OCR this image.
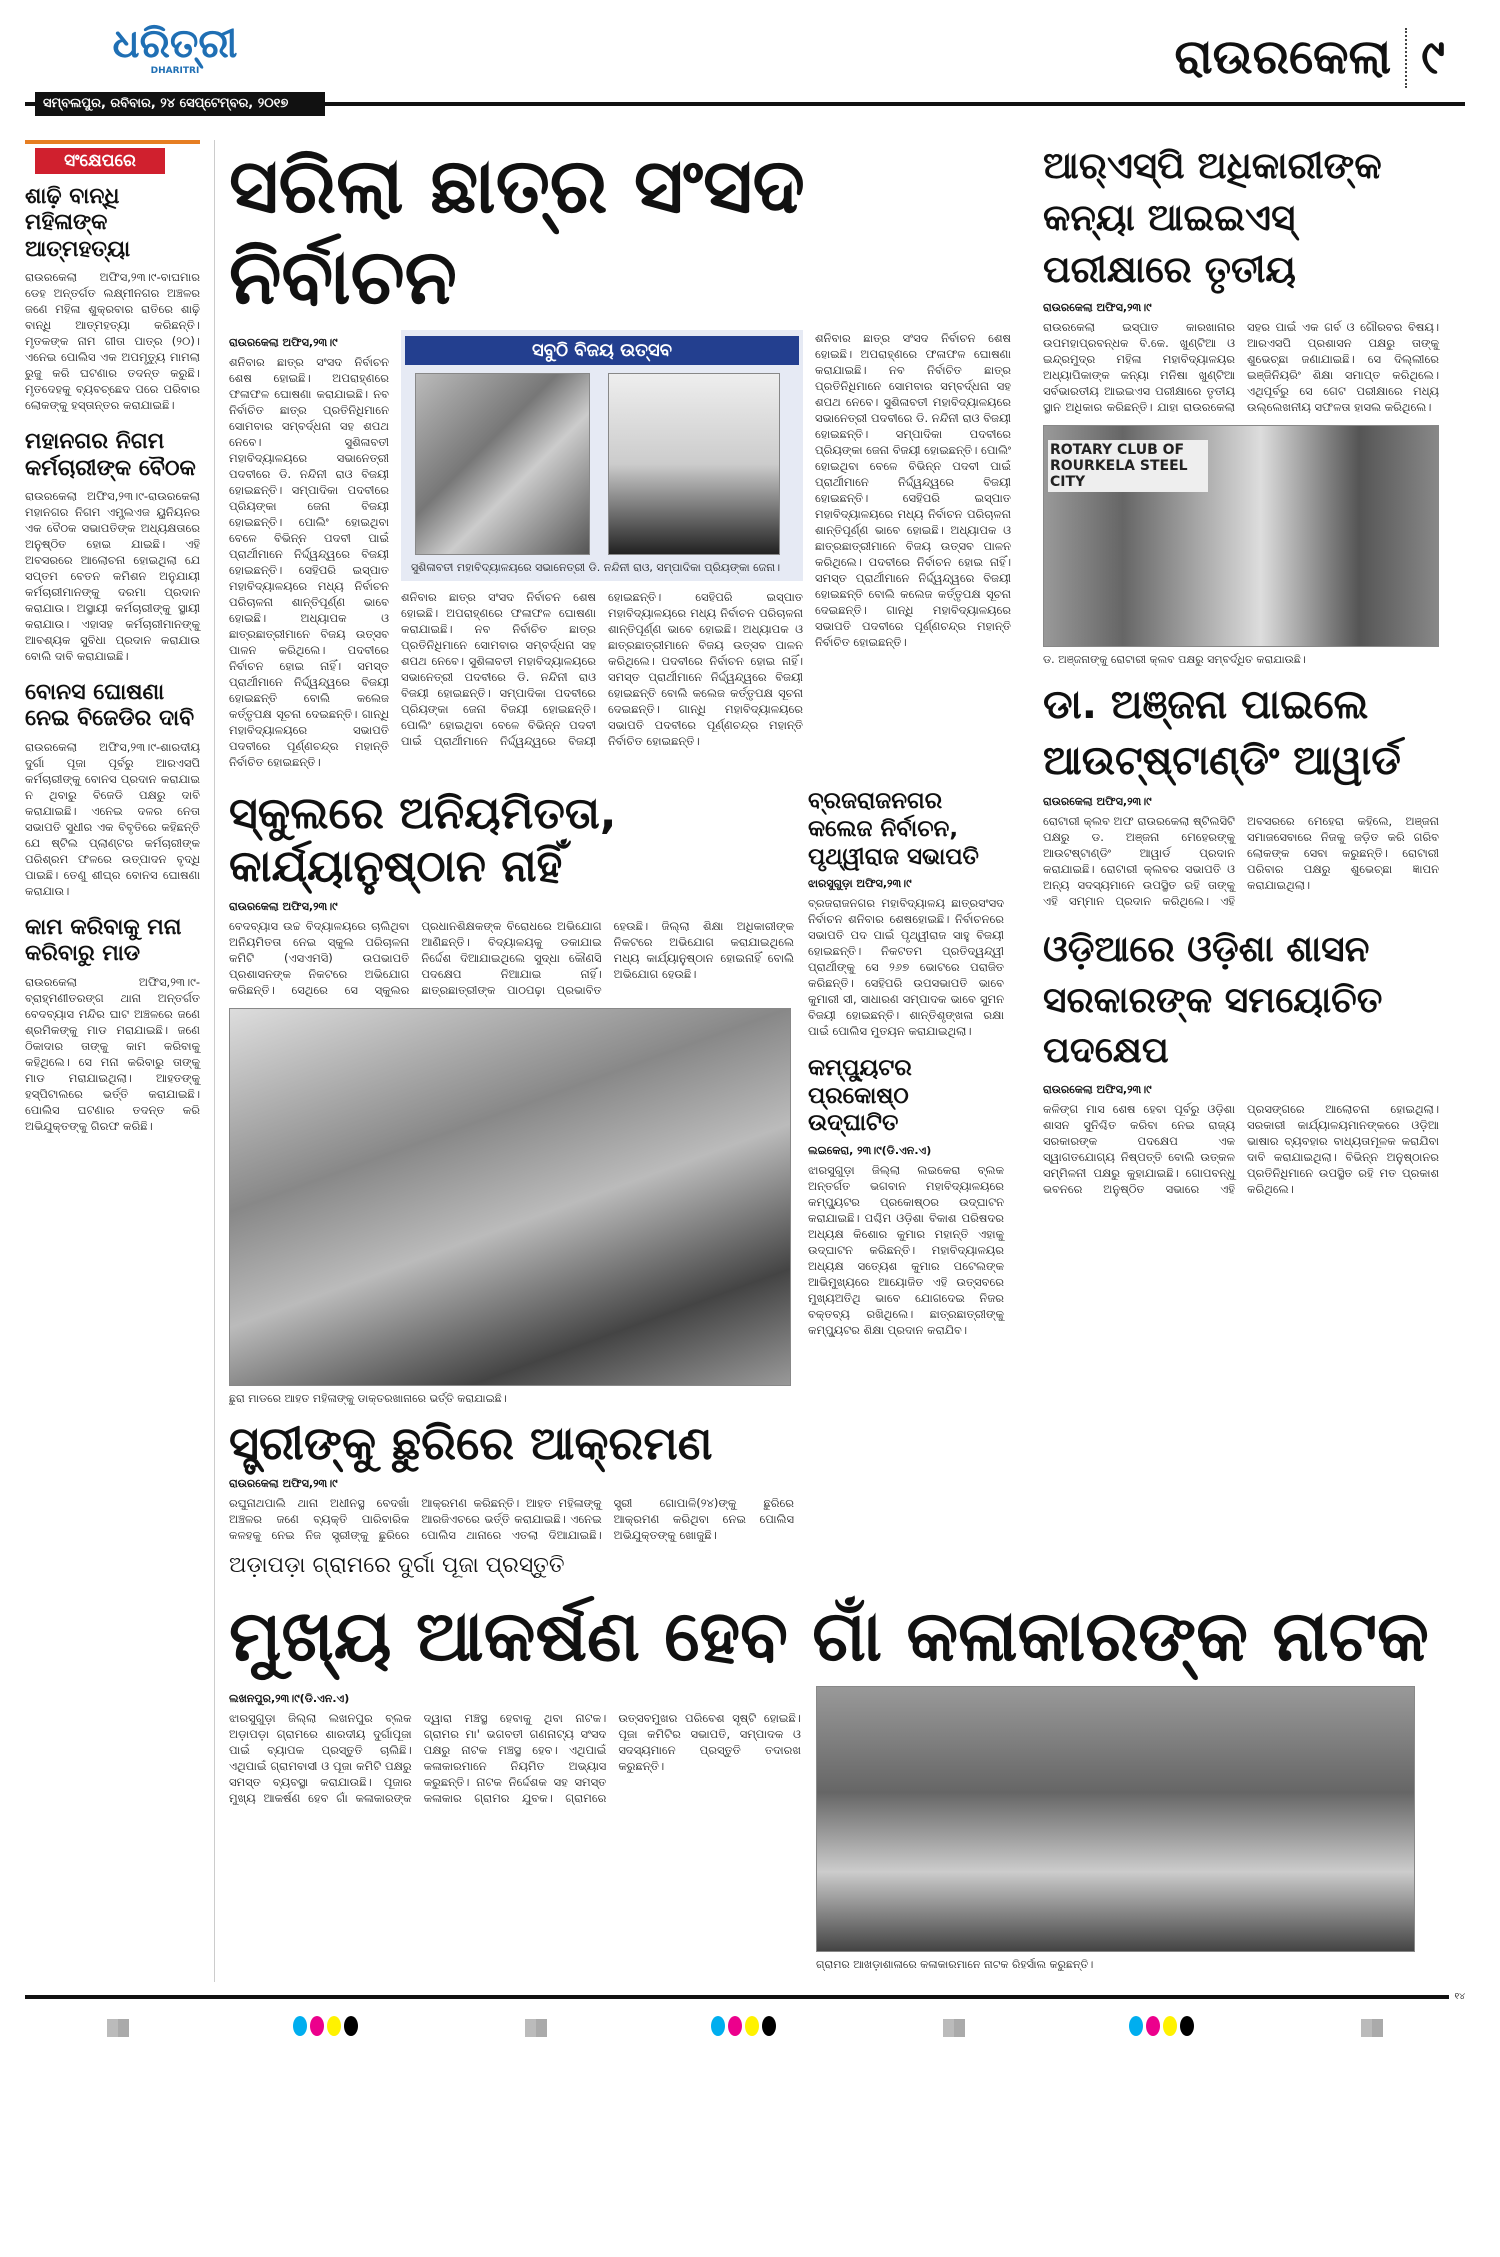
ଧରିତ୍ରୀ
DHARITRI
ସମ୍ବଲପୁର, ରବିବାର, ୨୪ ସେପ୍ଟେମ୍ବର, ୨୦୧୭
ରାଉରକେଲା ୯
ସଂକ୍ଷେପରେ
ଶାଢ଼ି ବାନ୍ଧି ମହିଳାଙ୍କ ଆତ୍ମହତ୍ୟା
ରାଉରକେଲା ଅଫିସ,୨୩।୯-ବାଘମାର ଡେହ ଅନ୍ତର୍ଗତ ଲକ୍ଷ୍ମୀନଗର ଅଞ୍ଚଳର ଜଣେ ମହିଳା ଶୁକ୍ରବାର ରାତିରେ ଶାଢ଼ି ବାନ୍ଧି ଆତ୍ମହତ୍ୟା କରିଛନ୍ତି। ମୃତକଙ୍କ ନାମ ଗୀତା ପାତ୍ର (୨୦)। ଏନେଇ ପୋଲିସ ଏକ ଅପମୃତ୍ୟୁ ମାମଲା ରୁଜୁ କରି ଘଟଣାର ତଦନ୍ତ କରୁଛି। ମୃତଦେହକୁ ବ୍ୟବଚ୍ଛେଦ ପରେ ପରିବାର ଲୋକଙ୍କୁ ହସ୍ତାନ୍ତର କରାଯାଇଛି।
ମହାନଗର ନିଗମ କର୍ମଚାରୀଙ୍କ ବୈଠକ
ରାଉରକେଲା ଅଫିସ,୨୩।୯-ରାଉରକେଲା ମହାନଗର ନିଗମ ଏମ୍ପ୍ଲଏଜ ୟୁନିୟନର ଏକ ବୈଠକ ସଭାପତିଙ୍କ ଅଧ୍ୟକ୍ଷତାରେ ଅନୁଷ୍ଠିତ ହୋଇ ଯାଇଛି। ଏହି ଅବସରରେ ଆଲୋଚନା ହୋଇଥିଲା ଯେ ସପ୍ତମ ବେତନ କମିଶନ ଅନୁଯାୟୀ କର୍ମଚାରୀମାନଙ୍କୁ ଦରମା ପ୍ରଦାନ କରାଯାଉ। ଅସ୍ଥାୟୀ କର୍ମଚାରୀଙ୍କୁ ସ୍ଥାୟୀ କରାଯାଉ। ଏହାସହ କର୍ମଚାରୀମାନଙ୍କୁ ଆବଶ୍ୟକ ସୁବିଧା ପ୍ରଦାନ କରାଯାଉ ବୋଲି ଦାବି କରାଯାଇଛି।
ବୋନସ ଘୋଷଣା ନେଇ ବିଜେଡିର ଦାବି
ରାଉରକେଲା ଅଫିସ,୨୩।୯-ଶାରଦୀୟ ଦୁର୍ଗା ପୂଜା ପୂର୍ବରୁ ଆରଏସପି କର୍ମଚାରୀଙ୍କୁ ବୋନସ ପ୍ରଦାନ କରାଯାଇ ନ ଥିବାରୁ ବିଜେଡି ପକ୍ଷରୁ ଦାବି କରାଯାଇଛି। ଏନେଇ ଦଳର ନେତା ସଭାପତି ସୁଧୀର ଏକ ବିବୃତିରେ କହିଛନ୍ତି ଯେ ଷ୍ଟିଲ ପ୍ଲାଣ୍ଟର କର୍ମଚାରୀଙ୍କ ପରିଶ୍ରମ ଫଳରେ ଉତ୍ପାଦନ ବୃଦ୍ଧି ପାଇଛି। ତେଣୁ ଶୀଘ୍ର ବୋନସ ଘୋଷଣା କରାଯାଉ।
କାମ କରିବାକୁ ମନା କରିବାରୁ ମାଡ
ରାଉରକେଲା ଅଫିସ,୨୩।୯-ବ୍ରାହ୍ମଣୀତରଙ୍ଗ ଥାନା ଅନ୍ତର୍ଗତ ବେଦବ୍ୟାସ ମନ୍ଦିର ଘାଟ ଅଞ୍ଚଳରେ ଜଣେ ଶ୍ରମିକଙ୍କୁ ମାଡ ମରାଯାଇଛି। ଜଣେ ଠିକାଦାର ତାଙ୍କୁ କାମ କରିବାକୁ କହିଥିଲେ। ସେ ମନା କରିବାରୁ ତାଙ୍କୁ ମାଡ ମରାଯାଇଥିଲା। ଆହତଙ୍କୁ ହସ୍ପିଟାଲରେ ଭର୍ତ୍ତି କରାଯାଇଛି। ପୋଲିସ ଘଟଣାର ତଦନ୍ତ କରି ଅଭିଯୁକ୍ତଙ୍କୁ ଗିରଫ କରିଛି।
ସରିଲା ଛାତ୍ର ସଂସଦ ନିର୍ବାଚନ
ରାଉରକେଲା ଅଫିସ,୨୩।୯
ଶନିବାର ଛାତ୍ର ସଂସଦ ନିର୍ବାଚନ ଶେଷ ହୋଇଛି। ଅପରାହ୍ଣରେ ଫଳାଫଳ ଘୋଷଣା କରାଯାଇଛି। ନବ ନିର୍ବାଚିତ ଛାତ୍ର ପ୍ରତିନିଧିମାନେ ସୋମବାର ସମ୍ବର୍ଦ୍ଧନା ସହ ଶପଥ ନେବେ। ସୁଶିଳାବତୀ ମହାବିଦ୍ୟାଳୟରେ ସଭାନେତ୍ରୀ ପଦବୀରେ ଡି. ନନ୍ଦିନୀ ରାଓ ବିଜୟୀ ହୋଇଛନ୍ତି। ସମ୍ପାଦିକା ପଦବୀରେ ପ୍ରିୟଙ୍କା ଜେନା ବିଜୟୀ ହୋଇଛନ୍ତି। ପୋଲିଂ ହୋଇଥିବା ବେଳେ ବିଭିନ୍ନ ପଦବୀ ପାଇଁ ପ୍ରାର୍ଥୀମାନେ ନିର୍ଦ୍ଦ୍ୱନ୍ଦ୍ୱରେ ବିଜୟୀ ହୋଇଛନ୍ତି। ସେହିପରି ଇସ୍ପାତ ମହାବିଦ୍ୟାଳୟରେ ମଧ୍ୟ ନିର୍ବାଚନ ପରିଚାଳନା ଶାନ୍ତିପୂର୍ଣ୍ଣ ଭାବେ ହୋଇଛି। ଅଧ୍ୟାପକ ଓ ଛାତ୍ରଛାତ୍ରୀମାନେ ବିଜୟ ଉତ୍ସବ ପାଳନ କରିଥିଲେ। ପଦବୀରେ ନିର୍ବାଚନ ହୋଇ ନାହିଁ। ସମସ୍ତ ପ୍ରାର୍ଥୀମାନେ ନିର୍ଦ୍ଦ୍ୱନ୍ଦ୍ୱରେ ବିଜୟୀ ହୋଇଛନ୍ତି ବୋଲି କଲେଜ କର୍ତ୍ତୃପକ୍ଷ ସୂଚନା ଦେଇଛନ୍ତି। ଗାନ୍ଧି ମହାବିଦ୍ୟାଳୟରେ ସଭାପତି ପଦବୀରେ ପୂର୍ଣ୍ଣଚନ୍ଦ୍ର ମହାନ୍ତି ନିର୍ବାଚିତ ହୋଇଛନ୍ତି।
ସବୁଠି ବିଜୟ ଉତ୍ସବ
ସୁଶିଳାବତୀ ମହାବିଦ୍ୟାଳୟରେ ସଭାନେତ୍ରୀ ଡି. ନନ୍ଦିନୀ ରାଓ, ସମ୍ପାଦିକା ପ୍ରିୟଙ୍କା ଜେନା।
ଶନିବାର ଛାତ୍ର ସଂସଦ ନିର୍ବାଚନ ଶେଷ ହୋଇଛି। ଅପରାହ୍ଣରେ ଫଳାଫଳ ଘୋଷଣା କରାଯାଇଛି। ନବ ନିର୍ବାଚିତ ଛାତ୍ର ପ୍ରତିନିଧିମାନେ ସୋମବାର ସମ୍ବର୍ଦ୍ଧନା ସହ ଶପଥ ନେବେ। ସୁଶିଳାବତୀ ମହାବିଦ୍ୟାଳୟରେ ସଭାନେତ୍ରୀ ପଦବୀରେ ଡି. ନନ୍ଦିନୀ ରାଓ ବିଜୟୀ ହୋଇଛନ୍ତି। ସମ୍ପାଦିକା ପଦବୀରେ ପ୍ରିୟଙ୍କା ଜେନା ବିଜୟୀ ହୋଇଛନ୍ତି। ପୋଲିଂ ହୋଇଥିବା ବେଳେ ବିଭିନ୍ନ ପଦବୀ ପାଇଁ ପ୍ରାର୍ଥୀମାନେ ନିର୍ଦ୍ଦ୍ୱନ୍ଦ୍ୱରେ ବିଜୟୀ ହୋଇଛନ୍ତି। ସେହିପରି ଇସ୍ପାତ ମହାବିଦ୍ୟାଳୟରେ ମଧ୍ୟ ନିର୍ବାଚନ ପରିଚାଳନା ଶାନ୍ତିପୂର୍ଣ୍ଣ ଭାବେ ହୋଇଛି। ଅଧ୍ୟାପକ ଓ ଛାତ୍ରଛାତ୍ରୀମାନେ ବିଜୟ ଉତ୍ସବ ପାଳନ କରିଥିଲେ। ପଦବୀରେ ନିର୍ବାଚନ ହୋଇ ନାହିଁ। ସମସ୍ତ ପ୍ରାର୍ଥୀମାନେ ନିର୍ଦ୍ଦ୍ୱନ୍ଦ୍ୱରେ ବିଜୟୀ ହୋଇଛନ୍ତି ବୋଲି କଲେଜ କର୍ତ୍ତୃପକ୍ଷ ସୂଚନା ଦେଇଛନ୍ତି। ଗାନ୍ଧି ମହାବିଦ୍ୟାଳୟରେ ସଭାପତି ପଦବୀରେ ପୂର୍ଣ୍ଣଚନ୍ଦ୍ର ମହାନ୍ତି ନିର୍ବାଚିତ ହୋଇଛନ୍ତି।
ଶନିବାର ଛାତ୍ର ସଂସଦ ନିର୍ବାଚନ ଶେଷ ହୋଇଛି। ଅପରାହ୍ଣରେ ଫଳାଫଳ ଘୋଷଣା କରାଯାଇଛି। ନବ ନିର୍ବାଚିତ ଛାତ୍ର ପ୍ରତିନିଧିମାନେ ସୋମବାର ସମ୍ବର୍ଦ୍ଧନା ସହ ଶପଥ ନେବେ। ସୁଶିଳାବତୀ ମହାବିଦ୍ୟାଳୟରେ ସଭାନେତ୍ରୀ ପଦବୀରେ ଡି. ନନ୍ଦିନୀ ରାଓ ବିଜୟୀ ହୋଇଛନ୍ତି। ସମ୍ପାଦିକା ପଦବୀରେ ପ୍ରିୟଙ୍କା ଜେନା ବିଜୟୀ ହୋଇଛନ୍ତି। ପୋଲିଂ ହୋଇଥିବା ବେଳେ ବିଭିନ୍ନ ପଦବୀ ପାଇଁ ପ୍ରାର୍ଥୀମାନେ ନିର୍ଦ୍ଦ୍ୱନ୍ଦ୍ୱରେ ବିଜୟୀ ହୋଇଛନ୍ତି। ସେହିପରି ଇସ୍ପାତ ମହାବିଦ୍ୟାଳୟରେ ମଧ୍ୟ ନିର୍ବାଚନ ପରିଚାଳନା ଶାନ୍ତିପୂର୍ଣ୍ଣ ଭାବେ ହୋଇଛି। ଅଧ୍ୟାପକ ଓ ଛାତ୍ରଛାତ୍ରୀମାନେ ବିଜୟ ଉତ୍ସବ ପାଳନ କରିଥିଲେ। ପଦବୀରେ ନିର୍ବାଚନ ହୋଇ ନାହିଁ। ସମସ୍ତ ପ୍ରାର୍ଥୀମାନେ ନିର୍ଦ୍ଦ୍ୱନ୍ଦ୍ୱରେ ବିଜୟୀ ହୋଇଛନ୍ତି ବୋଲି କଲେଜ କର୍ତ୍ତୃପକ୍ଷ ସୂଚନା ଦେଇଛନ୍ତି। ଗାନ୍ଧି ମହାବିଦ୍ୟାଳୟରେ ସଭାପତି ପଦବୀରେ ପୂର୍ଣ୍ଣଚନ୍ଦ୍ର ମହାନ୍ତି ନିର୍ବାଚିତ ହୋଇଛନ୍ତି।
ସ୍କୁଲରେ ଅନିୟମିତତା, କାର୍ଯ୍ୟାନୁଷ୍ଠାନ ନାହିଁ
ରାଉରକେଲା ଅଫିସ,୨୩।୯
ବେଦବ୍ୟାସ ଉଚ୍ଚ ବିଦ୍ୟାଳୟରେ ଚାଲିଥିବା ଅନିୟମିତତା ନେଇ ସ୍କୁଲ ପରିଚାଳନା କମିଟି (ଏସଏମସି) ଉପଭାପତି ପ୍ରଶାସନଙ୍କ ନିକଟରେ ଅଭିଯୋଗ କରିଛନ୍ତି। ସେଥିରେ ସେ ସ୍କୁଲର ପ୍ରଧାନଶିକ୍ଷକଙ୍କ ବିରୋଧରେ ଅଭିଯୋଗ ଆଣିଛନ୍ତି। ବିଦ୍ୟାଳୟକୁ ଡକାଯାଇ ନିର୍ଦ୍ଦେଶ ଦିଆଯାଇଥିଲେ ସୁଦ୍ଧା କୌଣସି ପଦକ୍ଷେପ ନିଆଯାଇ ନାହିଁ। ଛାତ୍ରଛାତ୍ରୀଙ୍କ ପାଠପଢ଼ା ପ୍ରଭାବିତ ହେଉଛି। ଜିଲ୍ଲା ଶିକ୍ଷା ଅଧିକାରୀଙ୍କ ନିକଟରେ ଅଭିଯୋଗ କରାଯାଇଥିଲେ ମଧ୍ୟ କାର୍ଯ୍ୟାନୁଷ୍ଠାନ ହୋଇନାହିଁ ବୋଲି ଅଭିଯୋଗ ହେଉଛି।
ଛୁରା ମାଡରେ ଆହତ ମହିଳାଙ୍କୁ ଡାକ୍ତରଖାନାରେ ଭର୍ତ୍ତି କରାଯାଇଛି।
ସ୍ତ୍ରୀଙ୍କୁ ଛୁରିରେ ଆକ୍ରମଣ
ରାଉରକେଲା ଅଫିସ,୨୩।୯
ରଘୁନାଥପାଲି ଥାନା ଅଧୀନସ୍ଥ ବେଦଖାଁ ଅଞ୍ଚଳର ଜଣେ ବ୍ୟକ୍ତି ପାରିବାରିକ କଳହକୁ ନେଇ ନିଜ ସ୍ତ୍ରୀଙ୍କୁ ଛୁରିରେ ଆକ୍ରମଣ କରିଛନ୍ତି। ଆହତ ମହିଳାଙ୍କୁ ଆରଜିଏଚରେ ଭର୍ତ୍ତି କରାଯାଇଛି। ଏନେଇ ପୋଲିସ ଥାନାରେ ଏତଲା ଦିଆଯାଇଛି। ସ୍ତ୍ରୀ ଗୋପାଳି(୨୪)ଙ୍କୁ ଛୁରିରେ ଆକ୍ରମଣ କରିଥିବା ନେଇ ପୋଲିସ ଅଭିଯୁକ୍ତଙ୍କୁ ଖୋଜୁଛି।
ଅଡ଼ାପଡ଼ା ଗ୍ରାମରେ ଦୁର୍ଗା ପୂଜା ପ୍ରସ୍ତୁତି
ବ୍ରଜରାଜନଗର କଲେଜ ନିର୍ବାଚନ, ପୃଥ୍ୱୀରାଜ ସଭାପତି
ଝାରସୁଗୁଡ଼ା ଅଫିସ,୨୩।୯
ବ୍ରଜରାଜନଗର ମହାବିଦ୍ୟାଳୟ ଛାତ୍ରସଂସଦ ନିର୍ବାଚନ ଶନିବାର ଶେଷହୋଇଛି। ନିର୍ବାଚନରେ ସଭାପତି ପଦ ପାଇଁ ପୃଥ୍ୱୀରାଜ ସାହୁ ବିଜୟୀ ହୋଇଛନ୍ତି। ନିକଟତମ ପ୍ରତିଦ୍ୱନ୍ଦ୍ୱୀ ପ୍ରାର୍ଥୀଙ୍କୁ ସେ ୨୬୭ ଭୋଟରେ ପରାଜିତ କରିଛନ୍ତି। ସେହିପରି ଉପସଭାପତି ଭାବେ କୁମାରୀ ସୀ, ସାଧାରଣ ସମ୍ପାଦକ ଭାବେ ସୁମନ ବିଜୟୀ ହୋଇଛନ୍ତି। ଶାନ୍ତିଶୃଙ୍ଖଳା ରକ୍ଷା ପାଇଁ ପୋଲିସ ମୁତୟନ କରାଯାଇଥିଲା।
କମ୍ପ୍ୟୁଟର ପ୍ରକୋଷ୍ଠ ଉଦ୍‌ଘାଟିତ
ଲଇକେରା, ୨୩।୯(ଡି.ଏନ.ଏ)
ଝାରସୁଗୁଡ଼ା ଜିଲ୍ଲା ଲଇକେରା ବ୍ଲକ ଅନ୍ତର୍ଗତ ଭଗବାନ ମହାବିଦ୍ୟାଳୟରେ କମ୍ପ୍ୟୁଟର ପ୍ରକୋଷ୍ଠର ଉଦ୍‌ଘାଟନ କରାଯାଇଛି। ପଶ୍ଚିମ ଓଡ଼ିଶା ବିକାଶ ପରିଷଦର ଅଧ୍ୟକ୍ଷ କିଶୋର କୁମାର ମହାନ୍ତି ଏହାକୁ ଉଦ୍‌ଘାଟନ କରିଛନ୍ତି। ମହାବିଦ୍ୟାଳୟର ଅଧ୍ୟକ୍ଷ ସତ୍ୟେଶ କୁମାର ପଟେଲଙ୍କ ଆଭିମୁଖ୍ୟରେ ଆୟୋଜିତ ଏହି ଉତ୍ସବରେ ମୁଖ୍ୟଅତିଥି ଭାବେ ଯୋଗଦେଇ ନିଜର ବକ୍ତବ୍ୟ ରଖିଥିଲେ। ଛାତ୍ରଛାତ୍ରୀଙ୍କୁ କମ୍ପ୍ୟୁଟର ଶିକ୍ଷା ପ୍ରଦାନ କରାଯିବ।
ଆର୍‌ଏସ୍‌ପି ଅଧିକାରୀଙ୍କ କନ୍ୟା ଆଇଇଏସ୍ ପରୀକ୍ଷାରେ ତୃତୀୟ
ରାଉରକେଲା ଅଫିସ,୨୩।୯
ରାଉରକେଲା ଇସ୍ପାତ କାରଖାନାର ଉପମହାପ୍ରବନ୍ଧକ ବି.କେ. ଖୁଣ୍ଟିଆ ଓ ଇନ୍ଦ୍ରମୁଦ୍ର ମହିଳା ମହାବିଦ୍ୟାଳୟର ଅଧ୍ୟାପିକାଙ୍କ କନ୍ୟା ମନିଷା ଖୁଣ୍ଟିଆ ସର୍ବଭାରତୀୟ ଆଇଇଏସ ପରୀକ୍ଷାରେ ତୃତୀୟ ସ୍ଥାନ ଅଧିକାର କରିଛନ୍ତି। ଯାହା ରାଉରକେଲା ସହର ପାଇଁ ଏକ ଗର୍ବ ଓ ଗୌରବର ବିଷୟ। ଆରଏସପି ପ୍ରଶାସନ ପକ୍ଷରୁ ତାଙ୍କୁ ଶୁଭେଚ୍ଛା ଜଣାଯାଇଛି। ସେ ଦିଲ୍ଲୀରେ ଇଞ୍ଜିନିୟରିଂ ଶିକ୍ଷା ସମାପ୍ତ କରିଥିଲେ। ଏଥିପୂର୍ବରୁ ସେ ଗେଟ ପରୀକ୍ଷାରେ ମଧ୍ୟ ଉଲ୍ଲେଖନୀୟ ସଫଳତା ହାସଲ କରିଥିଲେ।
ROTARY CLUB OF ROURKELA STEEL CITY
ଡ. ଅଞ୍ଜନାଙ୍କୁ ରୋଟାରୀ କ୍ଲବ ପକ୍ଷରୁ ସମ୍ବର୍ଦ୍ଧିତ କରାଯାଉଛି।
ଡା. ଅଞ୍ଜନା ପାଇଲେ ଆଉଟ୍‌ଷ୍ଟାଣ୍ଡିଂ ଆୱାର୍ଡ
ରାଉରକେଲା ଅଫିସ,୨୩।୯
ରୋଟାରୀ କ୍ଲବ ଅଫ ରାଉରକେଲା ଷ୍ଟିଲସିଟି ପକ୍ଷରୁ ଡ. ଅଞ୍ଜନା ମେହେରଙ୍କୁ ଆଉଟଷ୍ଟାଣ୍ଡିଂ ଆୱାର୍ଡ ପ୍ରଦାନ କରାଯାଇଛି। ରୋଟାରୀ କ୍ଲବର ସଭାପତି ଓ ଅନ୍ୟ ସଦସ୍ୟମାନେ ଉପସ୍ଥିତ ରହି ତାଙ୍କୁ ଏହି ସମ୍ମାନ ପ୍ରଦାନ କରିଥିଲେ। ଏହି ଅବସରରେ ମେହେରା କହିଲେ, ଅଞ୍ଜନା ସମାଜସେବାରେ ନିଜକୁ ଜଡ଼ିତ କରି ଗରିବ ଲୋକଙ୍କ ସେବା କରୁଛନ୍ତି। ରୋଟାରୀ ପରିବାର ପକ୍ଷରୁ ଶୁଭେଚ୍ଛା ଜ୍ଞାପନ କରାଯାଇଥିଲା।
ଓଡ଼ିଆରେ ଓଡ଼ିଶା ଶାସନ ସରକାରଙ୍କ ସମୟୋଚିତ ପଦକ୍ଷେପ
ରାଉରକେଲା ଅଫିସ,୨୩।୯
କଳିଙ୍ଗ ମାସ ଶେଷ ହେବା ପୂର୍ବରୁ ଓଡ଼ିଶା ଶାସନ ସୁନିଶ୍ଚିତ କରିବା ନେଇ ରାଜ୍ୟ ସରକାରଙ୍କ ପଦକ୍ଷେପ ଏକ ସ୍ୱାଗତଯୋଗ୍ୟ ନିଷ୍ପତ୍ତି ବୋଲି ଉତ୍କଳ ସମ୍ମିଳନୀ ପକ୍ଷରୁ କୁହାଯାଇଛି। ଗୋପବନ୍ଧୁ ଭବନରେ ଅନୁଷ୍ଠିତ ସଭାରେ ଏହି ପ୍ରସଙ୍ଗରେ ଆଲୋଚନା ହୋଇଥିଲା। ସରକାରୀ କାର୍ଯ୍ୟାଳୟମାନଙ୍କରେ ଓଡ଼ିଆ ଭାଷାର ବ୍ୟବହାର ବାଧ୍ୟତାମୂଳକ କରାଯିବା ଦାବି କରାଯାଇଥିଲା। ବିଭିନ୍ନ ଅନୁଷ୍ଠାନର ପ୍ରତିନିଧିମାନେ ଉପସ୍ଥିତ ରହି ମତ ପ୍ରକାଶ କରିଥିଲେ।
ମୁଖ୍ୟ ଆକର୍ଷଣ ହେବ ଗାଁ କଳାକାରଙ୍କ ନାଟକ
ଲଖନପୁର,୨୩।୯(ଡି.ଏନ.ଏ)
ଝାରସୁଗୁଡ଼ା ଜିଲ୍ଲା ଲଖନପୁର ବ୍ଲକ ଅଡ଼ାପଡ଼ା ଗ୍ରାମରେ ଶାରଦୀୟ ଦୁର୍ଗାପୂଜା ପାଇଁ ବ୍ୟାପକ ପ୍ରସ୍ତୁତି ଚାଲିଛି। ଏଥିପାଇଁ ଗ୍ରାମବାସୀ ଓ ପୂଜା କମିଟି ପକ୍ଷରୁ ସମସ୍ତ ବ୍ୟବସ୍ଥା କରାଯାଉଛି। ପୂଜାର ମୁଖ୍ୟ ଆକର୍ଷଣ ହେବ ଗାଁ କଳାକାରଙ୍କ ଦ୍ୱାରା ମଞ୍ଚସ୍ଥ ହେବାକୁ ଥିବା ନାଟକ। ଗ୍ରାମର ମା' ଭଗବତୀ ଗଣନାଟ୍ୟ ସଂସଦ ପକ୍ଷରୁ ନାଟକ ମଞ୍ଚସ୍ଥ ହେବ। ଏଥିପାଇଁ କଳାକାରମାନେ ନିୟମିତ ଅଭ୍ୟାସ କରୁଛନ୍ତି। ନାଟକ ନିର୍ଦ୍ଦେଶକ ସହ ସମସ୍ତ କଳାକାର ଗ୍ରାମର ଯୁବକ। ଗ୍ରାମରେ ଉତ୍ସବମୁଖର ପରିବେଶ ସୃଷ୍ଟି ହୋଇଛି। ପୂଜା କମିଟିର ସଭାପତି, ସମ୍ପାଦକ ଓ ସଦସ୍ୟମାନେ ପ୍ରସ୍ତୁତି ତଦାରଖ କରୁଛନ୍ତି।
ଗ୍ରାମର ଆଖଡ଼ାଶାଳାରେ କଳାକାରମାନେ ନାଟକ ରିହର୍ସାଲ କରୁଛନ୍ତି।
୧୪
